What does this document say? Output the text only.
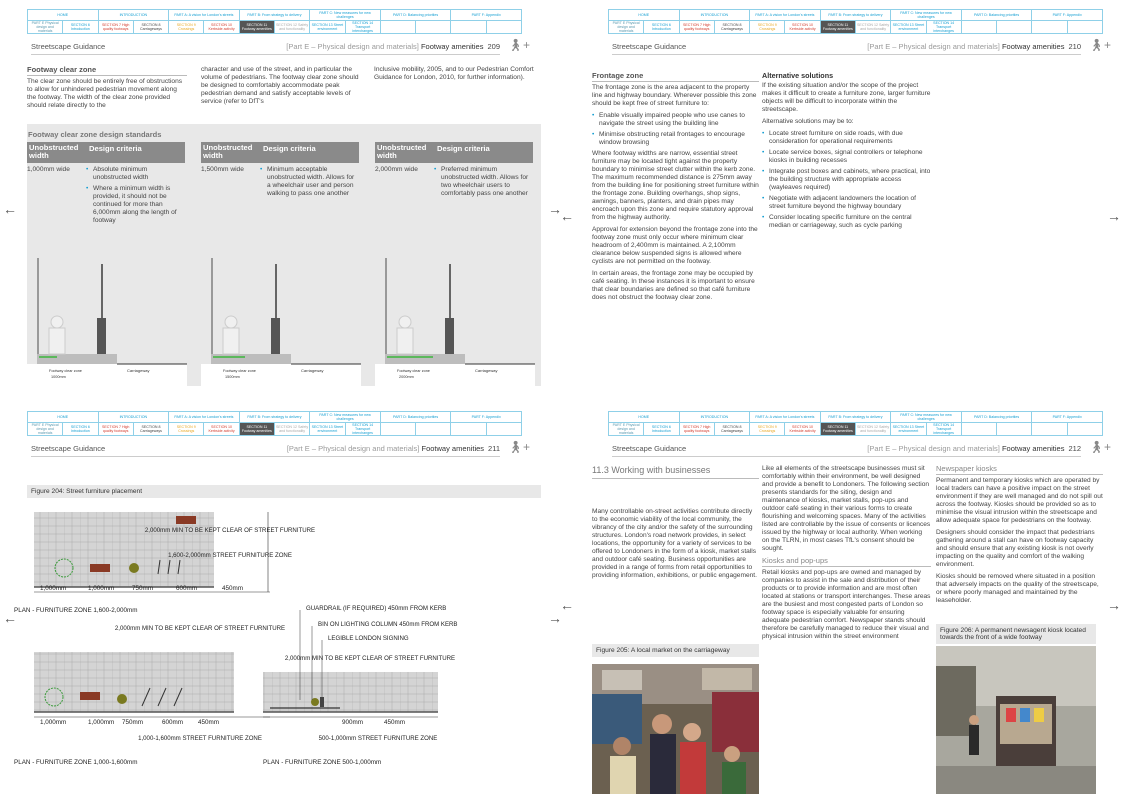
HOME		INTRODUCTION		PART A: A vision for London's streets		PART B: From strategy to delivery		PART C: New measures for new challenges		PART D: Balancing priorities		PART F: Appendix	
PART E Physical design and materials	SECTION 6 Introduction	SECTION 7 High quality footways	SECTION 8 Carriageways	SECTION 9 Crossings	SECTION 10 Kerbside activity	SECTION 11 Footway amenities	SECTION 12 Safety and functionality	SECTION 13 Street environment	SECTION 14 Transport interchanges				
Streetscape Guidance	[Part E – Physical design and materials] Footway amenities 209 🚶︎+
Footway clear zone
The clear zone should be entirely free of obstructions to allow for unhindered pedestrian movement along the footway. The width of the clear zone provided should relate directly to the
character and use of the street, and in particular the volume of pedestrians. The footway clear zone should be designed to comfortably accommodate peak pedestrian demand and satisfy acceptable levels of service (refer to DfT's
Inclusive mobility, 2005, and to our Pedestrian Comfort Guidance for London, 2010, for further information).
Footway clear zone design standards
Unobstructed width
Design criteria
1,000mm wide	• Absolute minimum unobstructed width
• Where a minimum width is provided, it should not be continued for more than 6,000mm along the length of footway
Footway clear zone
1000mm
Carriageway
Unobstructed width
Design criteria
1,500mm wide	• Minimum acceptable unobstructed width. Allows for a wheelchair user and person walking to pass one another
Footway clear zone
1500mm
Carriageway
Unobstructed width
Design criteria
2,000mm wide	• Preferred minimum unobstructed width. Allows for two wheelchair users to comfortably pass one another
Footway clear zone
2000mm
Carriageway
←	→
HOME		INTRODUCTION		PART A: A vision for London's streets		PART B: From strategy to delivery		PART C: New measures for new challenges		PART D: Balancing priorities		PART F: Appendix	
PART E Physical design and materials	SECTION 6 Introduction	SECTION 7 High quality footways	SECTION 8 Carriageways	SECTION 9 Crossings	SECTION 10 Kerbside activity	SECTION 11 Footway amenities	SECTION 12 Safety and functionality	SECTION 13 Street environment	SECTION 14 Transport interchanges				
Streetscape Guidance	[Part E – Physical design and materials] Footway amenities 210 🚶︎+
Frontage zone
The frontage zone is the area adjacent to the property line and highway boundary. Wherever possible this zone should be kept free of street furniture to:
• Enable visually impaired people who use canes to navigate the street using the building line
• Minimise obstructing retail frontages to encourage window browsing
Where footway widths are narrow, essential street furniture may be located tight against the property boundary to minimise street clutter within the kerb zone. The maximum recommended distance is 275mm away from the building line for positioning street furniture within the frontage zone. Building overhangs, shop signs, awnings, banners, planters, and drain pipes may encroach upon this zone and require statutory approval from the highway authority.
Approval for extension beyond the frontage zone into the footway zone must only occur where minimum clear headroom of 2,400mm is maintained. A 2,100mm clearance below suspended signs is allowed where cyclists are not permitted on the footway.
In certain areas, the frontage zone may be occupied by café seating. In these instances it is important to ensure that clear boundaries are defined so that café furniture does not obstruct the footway clear zone.
Alternative solutions
If the existing situation and/or the scope of the project makes it difficult to create a furniture zone, larger furniture objects will be difficult to incorporate within the streetscape.
Alternative solutions may be to:
• Locate street furniture on side roads, with due consideration for operational requirements
• Locate service boxes, signal controllers or telephone kiosks in building recesses
• Integrate post boxes and cabinets, where practical, into the building structure with appropriate access (wayleaves required)
• Negotiate with adjacent landowners the location of street furniture beyond the highway boundary
• Consider locating specific furniture on the central median or carriageway, such as cycle parking
←	→
HOME		INTRODUCTION		PART A: A vision for London's streets		PART B: From strategy to delivery		PART C: New measures for new challenges		PART D: Balancing priorities		PART F: Appendix	
PART E Physical design and materials	SECTION 6 Introduction	SECTION 7 High quality footways	SECTION 8 Carriageways	SECTION 9 Crossings	SECTION 10 Kerbside activity	SECTION 11 Footway amenities	SECTION 12 Safety and functionality	SECTION 13 Street environment	SECTION 14 Transport interchanges				
Streetscape Guidance	[Part E – Physical design and materials] Footway amenities 211 🚶︎+
Figure 204: Street furniture placement
1,000mm	1,000mm	750mm	600mm	450mm
PLAN - FURNITURE ZONE 1,600-2,000mm
2,000mm MIN TO BE KEPT CLEAR OF STREET FURNITURE
1,600-2,000mm STREET FURNITURE ZONE
1,000mm	1,000mm 750mm	600mm 450mm
2,000mm MIN TO BE KEPT CLEAR OF STREET FURNITURE
1,000-1,600mm STREET FURNITURE ZONE
PLAN - FURNITURE ZONE 1,000-1,600mm
GUARDRAIL (IF REQUIRED) 450mm FROM KERB
BIN ON LIGHTING COLUMN 450mm FROM KERB
LEGIBLE LONDON SIGNING
2,000mm MIN TO BE KEPT CLEAR OF STREET FURNITURE
900mm	450mm
500-1,000mm STREET FURNITURE ZONE
PLAN - FURNITURE ZONE 500-1,000mm
←	→
HOME		INTRODUCTION		PART A: A vision for London's streets		PART B: From strategy to delivery		PART C: New measures for new challenges		PART D: Balancing priorities		PART F: Appendix	
PART E Physical design and materials	SECTION 6 Introduction	SECTION 7 High quality footways	SECTION 8 Carriageways	SECTION 9 Crossings	SECTION 10 Kerbside activity	SECTION 11 Footway amenities	SECTION 12 Safety and functionality	SECTION 13 Street environment	SECTION 14 Transport interchanges				
Streetscape Guidance	[Part E – Physical design and materials] Footway amenities 212 🚶︎+
11.3 Working with businesses
Many controllable on-street activities contribute directly to the economic viability of the local community, the vibrancy of the city and/or the safety of the surrounding structures. London's road network provides, in select locations, the opportunity for a variety of services to be offered to Londoners in the form of a kiosk, market stalls and outdoor café seating. Business opportunities are provided in a range of forms from retail opportunities to providing information, exhibitions, or public engagement.
Figure 205: A local market on the carriageway
Like all elements of the streetscape businesses must sit comfortably within their environment, be well designed and provide a benefit to Londoners. The following section presents standards for the siting, design and maintenance of kiosks, market stalls, pop-ups and outdoor café seating in their various forms to create flourishing and welcoming spaces. Many of the activities listed are controllable by the issue of consents or licences issued by the highway or local authority. When working on the TLRN, in most cases TfL's consent should be sought.
Kiosks and pop-ups
Retail kiosks and pop-ups are owned and managed by companies to assist in the sale and distribution of their products or to provide information and are most often located at stations or transport interchanges. These areas are the busiest and most congested parts of London so footway space is especially valuable for ensuring adequate pedestrian comfort. Newspaper stands should therefore be carefully managed to reduce their visual and physical intrusion within the street environment
Newspaper kiosks
Permanent and temporary kiosks which are operated by local traders can have a positive impact on the street environment if they are well managed and do not spill out across the footway. Kiosks should be provided so as to minimise the visual intrusion within the streetscape and allow adequate space for pedestrians on the footway.
Designers should consider the impact that pedestrians gathering around a stall can have on footway capacity and should ensure that any existing kiosk is not overly impacting on the quality and comfort of the walking environment.
Kiosks should be removed where situated in a position that adversely impacts on the quality of the streetscape, or where poorly managed and maintained by the leaseholder.
Figure 206: A permanent newsagent kiosk located towards the front of a wide footway
←	→
